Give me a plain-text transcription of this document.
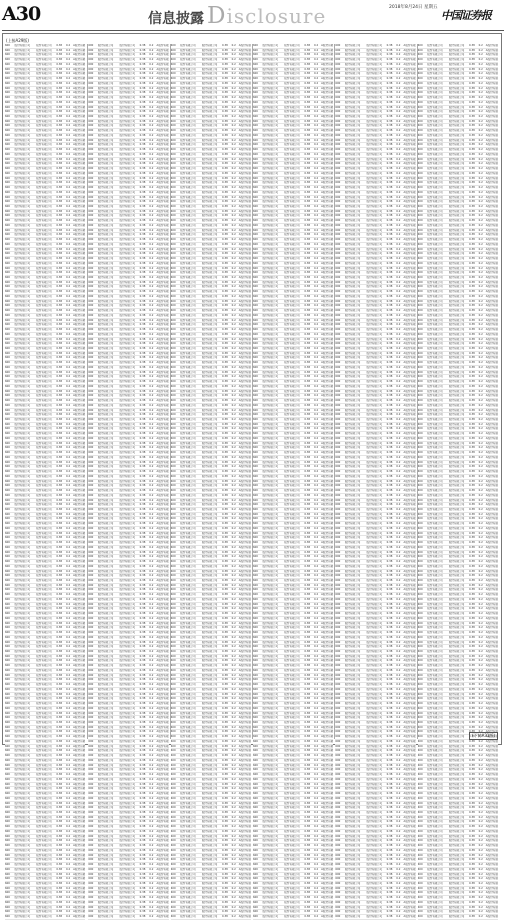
A30	信息披露 Disclosure	2018年8月24日 星期五
中国证券报
(上接A29版)
600	股份有限公司	股份有限公司	0.38	0.2	A股份有限
600	股份有限公司	股份有限公司	0.38	0.2	A股份有限
600	股份有限公司	股份有限公司	0.38	0.2	A股份有限
600	股份有限公司	股份有限公司	0.38	0.2	A股份有限
600	股份有限公司	股份有限公司	0.38	0.2	A股份有限
600	股份有限公司	股份有限公司	0.38	0.2	A股份有限
600	股份有限公司	股份有限公司	0.38	0.2	A股份有限
600	股份有限公司	股份有限公司	0.38	0.2	A股份有限
600	股份有限公司	股份有限公司	0.38	0.2	A股份有限
600	股份有限公司	股份有限公司	0.38	0.2	A股份有限
600	股份有限公司	股份有限公司	0.38	0.2	A股份有限
600	股份有限公司	股份有限公司	0.38	0.2	A股份有限
600	股份有限公司	股份有限公司	0.38	0.2	A股份有限
600	股份有限公司	股份有限公司	0.38	0.2	A股份有限
600	股份有限公司	股份有限公司	0.38	0.2	A股份有限
600	股份有限公司	股份有限公司	0.38	0.2	A股份有限
600	股份有限公司	股份有限公司	0.38	0.2	A股份有限
600	股份有限公司	股份有限公司	0.38	0.2	A股份有限
600	股份有限公司	股份有限公司	0.38	0.2	A股份有限
600	股份有限公司	股份有限公司	0.38	0.2	A股份有限
600	股份有限公司	股份有限公司	0.38	0.2	A股份有限
600	股份有限公司	股份有限公司	0.38	0.2	A股份有限
600	股份有限公司	股份有限公司	0.38	0.2	A股份有限
600	股份有限公司	股份有限公司	0.38	0.2	A股份有限
600	股份有限公司	股份有限公司	0.38	0.2	A股份有限
600	股份有限公司	股份有限公司	0.38	0.2	A股份有限
600	股份有限公司	股份有限公司	0.38	0.2	A股份有限
600	股份有限公司	股份有限公司	0.38	0.2	A股份有限
600	股份有限公司	股份有限公司	0.38	0.2	A股份有限
600	股份有限公司	股份有限公司	0.38	0.2	A股份有限
600	股份有限公司	股份有限公司	0.38	0.2	A股份有限
600	股份有限公司	股份有限公司	0.38	0.2	A股份有限
600	股份有限公司	股份有限公司	0.38	0.2	A股份有限
600	股份有限公司	股份有限公司	0.38	0.2	A股份有限
600	股份有限公司	股份有限公司	0.38	0.2	A股份有限
600	股份有限公司	股份有限公司	0.38	0.2	A股份有限
600	股份有限公司	股份有限公司	0.38	0.2	A股份有限
600	股份有限公司	股份有限公司	0.38	0.2	A股份有限
600	股份有限公司	股份有限公司	0.38	0.2	A股份有限
600	股份有限公司	股份有限公司	0.38	0.2	A股份有限
600	股份有限公司	股份有限公司	0.38	0.2	A股份有限
600	股份有限公司	股份有限公司	0.38	0.2	A股份有限
600	股份有限公司	股份有限公司	0.38	0.2	A股份有限
600	股份有限公司	股份有限公司	0.38	0.2	A股份有限
600	股份有限公司	股份有限公司	0.38	0.2	A股份有限
600	股份有限公司	股份有限公司	0.38	0.2	A股份有限
600	股份有限公司	股份有限公司	0.38	0.2	A股份有限
600	股份有限公司	股份有限公司	0.38	0.2	A股份有限
600	股份有限公司	股份有限公司	0.38	0.2	A股份有限
600	股份有限公司	股份有限公司	0.38	0.2	A股份有限
600	股份有限公司	股份有限公司	0.38	0.2	A股份有限
600	股份有限公司	股份有限公司	0.38	0.2	A股份有限
600	股份有限公司	股份有限公司	0.38	0.2	A股份有限
600	股份有限公司	股份有限公司	0.38	0.2	A股份有限
600	股份有限公司	股份有限公司	0.38	0.2	A股份有限
600	股份有限公司	股份有限公司	0.38	0.2	A股份有限
600	股份有限公司	股份有限公司	0.38	0.2	A股份有限
600	股份有限公司	股份有限公司	0.38	0.2	A股份有限
600	股份有限公司	股份有限公司	0.38	0.2	A股份有限
600	股份有限公司	股份有限公司	0.38	0.2	A股份有限
600	股份有限公司	股份有限公司	0.38	0.2	A股份有限
600	股份有限公司	股份有限公司	0.38	0.2	A股份有限
600	股份有限公司	股份有限公司	0.38	0.2	A股份有限
600	股份有限公司	股份有限公司	0.38	0.2	A股份有限
600	股份有限公司	股份有限公司	0.38	0.2	A股份有限
600	股份有限公司	股份有限公司	0.38	0.2	A股份有限
600	股份有限公司	股份有限公司	0.38	0.2	A股份有限
600	股份有限公司	股份有限公司	0.38	0.2	A股份有限
600	股份有限公司	股份有限公司	0.38	0.2	A股份有限
600	股份有限公司	股份有限公司	0.38	0.2	A股份有限
600	股份有限公司	股份有限公司	0.38	0.2	A股份有限
600	股份有限公司	股份有限公司	0.38	0.2	A股份有限
600	股份有限公司	股份有限公司	0.38	0.2	A股份有限
600	股份有限公司	股份有限公司	0.38	0.2	A股份有限
600	股份有限公司	股份有限公司	0.38	0.2	A股份有限
600	股份有限公司	股份有限公司	0.38	0.2	A股份有限
600	股份有限公司	股份有限公司	0.38	0.2	A股份有限
600	股份有限公司	股份有限公司	0.38	0.2	A股份有限
600	股份有限公司	股份有限公司	0.38	0.2	A股份有限
600	股份有限公司	股份有限公司	0.38	0.2	A股份有限
600	股份有限公司	股份有限公司	0.38	0.2	A股份有限
600	股份有限公司	股份有限公司	0.38	0.2	A股份有限
600	股份有限公司	股份有限公司	0.38	0.2	A股份有限
600	股份有限公司	股份有限公司	0.38	0.2	A股份有限
600	股份有限公司	股份有限公司	0.38	0.2	A股份有限
600	股份有限公司	股份有限公司	0.38	0.2	A股份有限
600	股份有限公司	股份有限公司	0.38	0.2	A股份有限
600	股份有限公司	股份有限公司	0.38	0.2	A股份有限
600	股份有限公司	股份有限公司	0.38	0.2	A股份有限
600	股份有限公司	股份有限公司	0.38	0.2	A股份有限
600	股份有限公司	股份有限公司	0.38	0.2	A股份有限
600	股份有限公司	股份有限公司	0.38	0.2	A股份有限
600	股份有限公司	股份有限公司	0.38	0.2	A股份有限
600	股份有限公司	股份有限公司	0.38	0.2	A股份有限
600	股份有限公司	股份有限公司	0.38	0.2	A股份有限
600	股份有限公司	股份有限公司	0.38	0.2	A股份有限
600	股份有限公司	股份有限公司	0.38	0.2	A股份有限
600	股份有限公司	股份有限公司	0.38	0.2	A股份有限
600	股份有限公司	股份有限公司	0.38	0.2	A股份有限
600	股份有限公司	股份有限公司	0.38	0.2	A股份有限
600	股份有限公司	股份有限公司	0.38	0.2	A股份有限
600	股份有限公司	股份有限公司	0.38	0.2	A股份有限
600	股份有限公司	股份有限公司	0.38	0.2	A股份有限
600	股份有限公司	股份有限公司	0.38	0.2	A股份有限
600	股份有限公司	股份有限公司	0.38	0.2	A股份有限
600	股份有限公司	股份有限公司	0.38	0.2	A股份有限
600	股份有限公司	股份有限公司	0.38	0.2	A股份有限
600	股份有限公司	股份有限公司	0.38	0.2	A股份有限
600	股份有限公司	股份有限公司	0.38	0.2	A股份有限
600	股份有限公司	股份有限公司	0.38	0.2	A股份有限
600	股份有限公司	股份有限公司	0.38	0.2	A股份有限
600	股份有限公司	股份有限公司	0.38	0.2	A股份有限
600	股份有限公司	股份有限公司	0.38	0.2	A股份有限
600	股份有限公司	股份有限公司	0.38	0.2	A股份有限
600	股份有限公司	股份有限公司	0.38	0.2	A股份有限
600	股份有限公司	股份有限公司	0.38	0.2	A股份有限
600	股份有限公司	股份有限公司	0.38	0.2	A股份有限
600	股份有限公司	股份有限公司	0.38	0.2	A股份有限
600	股份有限公司	股份有限公司	0.38	0.2	A股份有限
600	股份有限公司	股份有限公司	0.38	0.2	A股份有限
600	股份有限公司	股份有限公司	0.38	0.2	A股份有限
600	股份有限公司	股份有限公司	0.38	0.2	A股份有限
600	股份有限公司	股份有限公司	0.38	0.2	A股份有限
600	股份有限公司	股份有限公司	0.38	0.2	A股份有限
600	股份有限公司	股份有限公司	0.38	0.2	A股份有限
600	股份有限公司	股份有限公司	0.38	0.2	A股份有限
600	股份有限公司	股份有限公司	0.38	0.2	A股份有限
600	股份有限公司	股份有限公司	0.38	0.2	A股份有限
600	股份有限公司	股份有限公司	0.38	0.2	A股份有限
600	股份有限公司	股份有限公司	0.38	0.2	A股份有限
600	股份有限公司	股份有限公司	0.38	0.2	A股份有限
600	股份有限公司	股份有限公司	0.38	0.2	A股份有限
600	股份有限公司	股份有限公司	0.38	0.2	A股份有限
600	股份有限公司	股份有限公司	0.38	0.2	A股份有限
600	股份有限公司	股份有限公司	0.38	0.2	A股份有限
600	股份有限公司	股份有限公司	0.38	0.2	A股份有限
600	股份有限公司	股份有限公司	0.38	0.2	A股份有限
600	股份有限公司	股份有限公司	0.38	0.2	A股份有限
600	股份有限公司	股份有限公司	0.38	0.2	A股份有限
600	股份有限公司	股份有限公司	0.38	0.2	A股份有限
600	股份有限公司	股份有限公司	0.38	0.2	A股份有限
600	股份有限公司	股份有限公司	0.38	0.2	A股份有限
600	股份有限公司	股份有限公司	0.38	0.2	A股份有限
600	股份有限公司	股份有限公司	0.38	0.2	A股份有限
600	股份有限公司	股份有限公司	0.38	0.2	A股份有限
600	股份有限公司	股份有限公司	0.38	0.2	A股份有限
600	股份有限公司	股份有限公司	0.38	0.2	A股份有限
600	股份有限公司	股份有限公司	0.38	0.2	A股份有限
600	股份有限公司	股份有限公司	0.38	0.2	A股份有限
600	股份有限公司	股份有限公司	0.38	0.2	A股份有限
600	股份有限公司	股份有限公司	0.38	0.2	A股份有限
600	股份有限公司	股份有限公司	0.38	0.2	A股份有限
600	股份有限公司	股份有限公司	0.38	0.2	A股份有限
600	股份有限公司	股份有限公司	0.38	0.2	A股份有限
600	股份有限公司	股份有限公司	0.38	0.2	A股份有限
600	股份有限公司	股份有限公司	0.38	0.2	A股份有限
600	股份有限公司	股份有限公司	0.38	0.2	A股份有限
600	股份有限公司	股份有限公司	0.38	0.2	A股份有限
600	股份有限公司	股份有限公司	0.38	0.2	A股份有限
600	股份有限公司	股份有限公司	0.38	0.2	A股份有限
600	股份有限公司	股份有限公司	0.38	0.2	A股份有限
600	股份有限公司	股份有限公司	0.38	0.2	A股份有限
600	股份有限公司	股份有限公司	0.38	0.2	A股份有限
600	股份有限公司	股份有限公司	0.38	0.2	A股份有限
600	股份有限公司	股份有限公司	0.38	0.2	A股份有限
600	股份有限公司	股份有限公司	0.38	0.2	A股份有限
600	股份有限公司	股份有限公司	0.38	0.2	A股份有限
600	股份有限公司	股份有限公司	0.38	0.2	A股份有限
600	股份有限公司	股份有限公司	0.38	0.2	A股份有限
600	股份有限公司	股份有限公司	0.38	0.2	A股份有限
600	股份有限公司	股份有限公司	0.38	0.2	A股份有限
600	股份有限公司	股份有限公司	0.38	0.2	A股份有限
600	股份有限公司	股份有限公司	0.38	0.2	A股份有限
600	股份有限公司	股份有限公司	0.38	0.2	A股份有限
600	股份有限公司	股份有限公司	0.38	0.2	A股份有限
600	股份有限公司	股份有限公司	0.38	0.2	A股份有限
600	股份有限公司	股份有限公司	0.38	0.2	A股份有限
600	股份有限公司	股份有限公司	0.38	0.2	A股份有限
600	股份有限公司	股份有限公司	0.38	0.2	A股份有限
600	股份有限公司	股份有限公司	0.38	0.2	A股份有限
600	股份有限公司	股份有限公司	0.38	0.2	A股份有限
600	股份有限公司	股份有限公司	0.38	0.2	A股份有限
600	股份有限公司	股份有限公司	0.38	0.2	A股份有限
600	股份有限公司	股份有限公司	0.38	0.2	A股份有限
600	股份有限公司	股份有限公司	0.38	0.2	A股份有限
600	股份有限公司	股份有限公司	0.38	0.2	A股份有限
600	股份有限公司	股份有限公司	0.38	0.2	A股份有限
600	股份有限公司	股份有限公司	0.38	0.2	A股份有限
600	股份有限公司	股份有限公司	0.38	0.2	A股份有限
600	股份有限公司	股份有限公司	0.38	0.2	A股份有限
600	股份有限公司	股份有限公司	0.38	0.2	A股份有限
600	股份有限公司	股份有限公司	0.38	0.2	A股份有限
600	股份有限公司	股份有限公司	0.38	0.2	A股份有限
600	股份有限公司	股份有限公司	0.38	0.2	A股份有限
600	股份有限公司	股份有限公司	0.38	0.2	A股份有限
600	股份有限公司	股份有限公司	0.38	0.2	A股份有限
600	股份有限公司	股份有限公司	0.38	0.2	A股份有限
600	股份有限公司	股份有限公司	0.38	0.2	A股份有限
600	股份有限公司	股份有限公司	0.38	0.2	A股份有限
600	股份有限公司	股份有限公司	0.38	0.2	A股份有限
600	股份有限公司	股份有限公司	0.38	0.2	A股份有限
600	股份有限公司	股份有限公司	0.38	0.2	A股份有限
600	股份有限公司	股份有限公司	0.38	0.2	A股份有限
600	股份有限公司	股份有限公司	0.38	0.2	A股份有限
600	股份有限公司	股份有限公司	0.38	0.2	A股份有限
600	股份有限公司	股份有限公司	0.38	0.2	A股份有限
600	股份有限公司	股份有限公司	0.38	0.2	A股份有限
600	股份有限公司	股份有限公司	0.38	0.2	A股份有限
600	股份有限公司	股份有限公司	0.38	0.2	A股份有限
600	股份有限公司	股份有限公司	0.38	0.2	A股份有限
600	股份有限公司	股份有限公司	0.38	0.2	A股份有限
600	股份有限公司	股份有限公司	0.38	0.2	A股份有限
600	股份有限公司	股份有限公司	0.38	0.2	A股份有限
600	股份有限公司	股份有限公司	0.38	0.2	A股份有限
600	股份有限公司	股份有限公司	0.38	0.2	A股份有限
600	股份有限公司	股份有限公司	0.38	0.2	A股份有限
600	股份有限公司	股份有限公司	0.38	0.2	A股份有限
600	股份有限公司	股份有限公司	0.38	0.2	A股份有限
600	股份有限公司	股份有限公司	0.38	0.2	A股份有限
600	股份有限公司	股份有限公司	0.38	0.2	A股份有限
600	股份有限公司	股份有限公司	0.38	0.2	A股份有限
600	股份有限公司	股份有限公司	0.38	0.2	A股份有限
600	股份有限公司	股份有限公司	0.38	0.2	A股份有限
600	股份有限公司	股份有限公司	0.38	0.2	A股份有限
600	股份有限公司	股份有限公司	0.38	0.2	A股份有限
600	股份有限公司	股份有限公司	0.38	0.2	A股份有限
600	股份有限公司	股份有限公司	0.38	0.2	A股份有限
600	股份有限公司	股份有限公司	0.38	0.2	A股份有限
600	股份有限公司	股份有限公司	0.38	0.2	A股份有限
600	股份有限公司	股份有限公司	0.38	0.2	A股份有限
600	股份有限公司	股份有限公司	0.38	0.2	A股份有限
600	股份有限公司	股份有限公司	0.38	0.2	A股份有限
600	股份有限公司	股份有限公司	0.38	0.2	A股份有限
600	股份有限公司	股份有限公司	0.38	0.2	A股份有限
600	股份有限公司	股份有限公司	0.38	0.2	A股份有限
600	股份有限公司	股份有限公司	0.38	0.2	A股份有限
600	股份有限公司	股份有限公司	0.38	0.2	A股份有限
600	股份有限公司	股份有限公司	0.38	0.2	A股份有限
600	股份有限公司	股份有限公司	0.38	0.2	A股份有限
600	股份有限公司	股份有限公司	0.38	0.2	A股份有限
600	股份有限公司	股份有限公司	0.38	0.2	A股份有限
600	股份有限公司	股份有限公司	0.38	0.2	A股份有限
600	股份有限公司	股份有限公司	0.38	0.2	A股份有限
600	股份有限公司	股份有限公司	0.38	0.2	A股份有限
600	股份有限公司	股份有限公司	0.38	0.2	A股份有限
600	股份有限公司	股份有限公司	0.38	0.2	A股份有限
600	股份有限公司	股份有限公司	0.38	0.2	A股份有限
600	股份有限公司	股份有限公司	0.38	0.2	A股份有限
600	股份有限公司	股份有限公司	0.38	0.2	A股份有限
600	股份有限公司	股份有限公司	0.38	0.2	A股份有限
600	股份有限公司	股份有限公司	0.38	0.2	A股份有限
600	股份有限公司	股份有限公司	0.38	0.2	A股份有限
600	股份有限公司	股份有限公司	0.38	0.2	A股份有限
600	股份有限公司	股份有限公司	0.38	0.2	A股份有限
600	股份有限公司	股份有限公司	0.38	0.2	A股份有限
600	股份有限公司	股份有限公司	0.38	0.2	A股份有限
600	股份有限公司	股份有限公司	0.38	0.2	A股份有限
600	股份有限公司	股份有限公司	0.38	0.2	A股份有限
600	股份有限公司	股份有限公司	0.38	0.2	A股份有限
600	股份有限公司	股份有限公司	0.38	0.2	A股份有限
600	股份有限公司	股份有限公司	0.38	0.2	A股份有限
600	股份有限公司	股份有限公司	0.38	0.2	A股份有限
600	股份有限公司	股份有限公司	0.38	0.2	A股份有限
600	股份有限公司	股份有限公司	0.38	0.2	A股份有限
600	股份有限公司	股份有限公司	0.38	0.2	A股份有限
600	股份有限公司	股份有限公司	0.38	0.2	A股份有限
600	股份有限公司	股份有限公司	0.38	0.2	A股份有限
600	股份有限公司	股份有限公司	0.38	0.2	A股份有限
600	股份有限公司	股份有限公司	0.38	0.2	A股份有限
600	股份有限公司	股份有限公司	0.38	0.2	A股份有限
600	股份有限公司	股份有限公司	0.38	0.2	A股份有限
600	股份有限公司	股份有限公司	0.38	0.2	A股份有限
600	股份有限公司	股份有限公司	0.38	0.2	A股份有限
600	股份有限公司	股份有限公司	0.38	0.2	A股份有限
600	股份有限公司	股份有限公司	0.38	0.2	A股份有限
600	股份有限公司	股份有限公司	0.38	0.2	A股份有限
600	股份有限公司	股份有限公司	0.38	0.2	A股份有限
600	股份有限公司	股份有限公司	0.38	0.2	A股份有限
600	股份有限公司	股份有限公司	0.38	0.2	A股份有限
600	股份有限公司	股份有限公司	0.38	0.2	A股份有限
600	股份有限公司	股份有限公司	0.38	0.2	A股份有限
600	股份有限公司	股份有限公司	0.38	0.2	A股份有限
600	股份有限公司	股份有限公司	0.38	0.2	A股份有限
600	股份有限公司	股份有限公司	0.38	0.2	A股份有限
600	股份有限公司	股份有限公司	0.38	0.2	A股份有限
600	股份有限公司	股份有限公司	0.38	0.2	A股份有限
600	股份有限公司	股份有限公司	0.38	0.2	A股份有限
600	股份有限公司	股份有限公司	0.38	0.2	A股份有限
600	股份有限公司	股份有限公司	0.38	0.2	A股份有限
600	股份有限公司	股份有限公司	0.38	0.2	A股份有限
600	股份有限公司	股份有限公司	0.38	0.2	A股份有限
600	股份有限公司	股份有限公司	0.38	0.2	A股份有限
600	股份有限公司	股份有限公司	0.38	0.2	A股份有限
600	股份有限公司	股份有限公司	0.38	0.2	A股份有限
600	股份有限公司	股份有限公司	0.38	0.2	A股份有限
600	股份有限公司	股份有限公司	0.38	0.2	A股份有限
600	股份有限公司	股份有限公司	0.38	0.2	A股份有限
600	股份有限公司	股份有限公司	0.38	0.2	A股份有限
600	股份有限公司	股份有限公司	0.38	0.2	A股份有限
600	股份有限公司	股份有限公司	0.38	0.2	A股份有限
600	股份有限公司	股份有限公司	0.38	0.2	A股份有限
600	股份有限公司	股份有限公司	0.38	0.2	A股份有限
600	股份有限公司	股份有限公司	0.38	0.2	A股份有限
600	股份有限公司	股份有限公司	0.38	0.2	A股份有限
600	股份有限公司	股份有限公司	0.38	0.2	A股份有限
600	股份有限公司	股份有限公司	0.38	0.2	A股份有限
600	股份有限公司	股份有限公司	0.38	0.2	A股份有限
600	股份有限公司	股份有限公司	0.38	0.2	A股份有限
600	股份有限公司	股份有限公司	0.38	0.2	A股份有限
600	股份有限公司	股份有限公司	0.38	0.2	A股份有限
600	股份有限公司	股份有限公司	0.38	0.2	A股份有限
600	股份有限公司	股份有限公司	0.38	0.2	A股份有限
600	股份有限公司	股份有限公司	0.38	0.2	A股份有限
600	股份有限公司	股份有限公司	0.38	0.2	A股份有限
600	股份有限公司	股份有限公司	0.38	0.2	A股份有限
600	股份有限公司	股份有限公司	0.38	0.2	A股份有限
600	股份有限公司	股份有限公司	0.38	0.2	A股份有限
600	股份有限公司	股份有限公司	0.38	0.2	A股份有限
600	股份有限公司	股份有限公司	0.38	0.2	A股份有限
600	股份有限公司	股份有限公司	0.38	0.2	A股份有限
600	股份有限公司	股份有限公司	0.38	0.2	A股份有限
600	股份有限公司	股份有限公司	0.38	0.2	A股份有限
600	股份有限公司	股份有限公司	0.38	0.2	A股份有限
600	股份有限公司	股份有限公司	0.38	0.2	A股份有限
600	股份有限公司	股份有限公司	0.38	0.2	A股份有限
600	股份有限公司	股份有限公司	0.38	0.2	A股份有限
600	股份有限公司	股份有限公司	0.38	0.2	A股份有限
600	股份有限公司	股份有限公司	0.38	0.2	A股份有限
600	股份有限公司	股份有限公司	0.38	0.2	A股份有限
600	股份有限公司	股份有限公司	0.38	0.2	A股份有限
600	股份有限公司	股份有限公司	0.38	0.2	A股份有限
600	股份有限公司	股份有限公司	0.38	0.2	A股份有限
600	股份有限公司	股份有限公司	0.38	0.2	A股份有限
600	股份有限公司	股份有限公司	0.38	0.2	A股份有限
600	股份有限公司	股份有限公司	0.38	0.2	A股份有限
600	股份有限公司	股份有限公司	0.38	0.2	A股份有限
600	股份有限公司	股份有限公司	0.38	0.2	A股份有限
600	股份有限公司	股份有限公司	0.38	0.2	A股份有限
600	股份有限公司	股份有限公司	0.38	0.2	A股份有限
600	股份有限公司	股份有限公司	0.38	0.2	A股份有限
600	股份有限公司	股份有限公司	0.38	0.2	A股份有限
600	股份有限公司	股份有限公司	0.38	0.2	A股份有限
600	股份有限公司	股份有限公司	0.38	0.2	A股份有限
600	股份有限公司	股份有限公司	0.38	0.2	A股份有限
600	股份有限公司	股份有限公司	0.38	0.2	A股份有限
600	股份有限公司	股份有限公司	0.38	0.2	A股份有限
600	股份有限公司	股份有限公司	0.38	0.2	A股份有限
600	股份有限公司	股份有限公司	0.38	0.2	A股份有限
600	股份有限公司	股份有限公司	0.38	0.2	A股份有限
600	股份有限公司	股份有限公司	0.38	0.2	A股份有限
600	股份有限公司	股份有限公司	0.38	0.2	A股份有限
600	股份有限公司	股份有限公司	0.38	0.2	A股份有限
600	股份有限公司	股份有限公司	0.38	0.2	A股份有限
600	股份有限公司	股份有限公司	0.38	0.2	A股份有限
600	股份有限公司	股份有限公司	0.38	0.2	A股份有限
600	股份有限公司	股份有限公司	0.38	0.2	A股份有限
600	股份有限公司	股份有限公司	0.38	0.2	A股份有限
600	股份有限公司	股份有限公司	0.38	0.2	A股份有限
600	股份有限公司	股份有限公司	0.38	0.2	A股份有限
600	股份有限公司	股份有限公司	0.38	0.2	A股份有限
600	股份有限公司	股份有限公司	0.38	0.2	A股份有限
600	股份有限公司	股份有限公司	0.38	0.2	A股份有限
600	股份有限公司	股份有限公司	0.38	0.2	A股份有限
600	股份有限公司	股份有限公司	0.38	0.2	A股份有限
600	股份有限公司	股份有限公司	0.38	0.2	A股份有限
600	股份有限公司	股份有限公司	0.38	0.2	A股份有限
600	股份有限公司	股份有限公司	0.38	0.2	A股份有限
600	股份有限公司	股份有限公司	0.38	0.2	A股份有限
600	股份有限公司	股份有限公司	0.38	0.2	A股份有限
600	股份有限公司	股份有限公司	0.38	0.2	A股份有限
600	股份有限公司	股份有限公司	0.38	0.2	A股份有限
600	股份有限公司	股份有限公司	0.38	0.2	A股份有限
600	股份有限公司	股份有限公司	0.38	0.2	A股份有限
600	股份有限公司	股份有限公司	0.38	0.2	A股份有限
600	股份有限公司	股份有限公司	0.38	0.2	A股份有限
600	股份有限公司	股份有限公司	0.38	0.2	A股份有限
600	股份有限公司	股份有限公司	0.38	0.2	A股份有限
600	股份有限公司	股份有限公司	0.38	0.2	A股份有限
600	股份有限公司	股份有限公司	0.38	0.2	A股份有限
600	股份有限公司	股份有限公司	0.38	0.2	A股份有限
600	股份有限公司	股份有限公司	0.38	0.2	A股份有限
600	股份有限公司	股份有限公司	0.38	0.2	A股份有限
600	股份有限公司	股份有限公司	0.38	0.2	A股份有限
600	股份有限公司	股份有限公司	0.38	0.2	A股份有限
600	股份有限公司	股份有限公司	0.38	0.2	A股份有限
600	股份有限公司	股份有限公司	0.38	0.2	A股份有限
600	股份有限公司	股份有限公司	0.38	0.2	A股份有限
600	股份有限公司	股份有限公司	0.38	0.2	A股份有限
600	股份有限公司	股份有限公司	0.38	0.2	A股份有限
600	股份有限公司	股份有限公司	0.38	0.2	A股份有限
600	股份有限公司	股份有限公司	0.38	0.2	A股份有限
600	股份有限公司	股份有限公司	0.38	0.2	A股份有限
600	股份有限公司	股份有限公司	0.38	0.2	A股份有限
600	股份有限公司	股份有限公司	0.38	0.2	A股份有限
600	股份有限公司	股份有限公司	0.38	0.2	A股份有限
600	股份有限公司	股份有限公司	0.38	0.2	A股份有限
600	股份有限公司	股份有限公司	0.38	0.2	A股份有限
600	股份有限公司	股份有限公司	0.38	0.2	A股份有限
600	股份有限公司	股份有限公司	0.38	0.2	A股份有限
600	股份有限公司	股份有限公司	0.38	0.2	A股份有限
600	股份有限公司	股份有限公司	0.38	0.2	A股份有限
600	股份有限公司	股份有限公司	0.38	0.2	A股份有限
600	股份有限公司	股份有限公司	0.38	0.2	A股份有限
600	股份有限公司	股份有限公司	0.38	0.2	A股份有限
600	股份有限公司	股份有限公司	0.38	0.2	A股份有限
600	股份有限公司	股份有限公司	0.38	0.2	A股份有限
600	股份有限公司	股份有限公司	0.38	0.2	A股份有限
600	股份有限公司	股份有限公司	0.38	0.2	A股份有限
600	股份有限公司	股份有限公司	0.38	0.2	A股份有限
600	股份有限公司	股份有限公司	0.38	0.2	A股份有限
600	股份有限公司	股份有限公司	0.38	0.2	A股份有限
600	股份有限公司	股份有限公司	0.38	0.2	A股份有限
600	股份有限公司	股份有限公司	0.38	0.2	A股份有限
600	股份有限公司	股份有限公司	0.38	0.2	A股份有限
600	股份有限公司	股份有限公司	0.38	0.2	A股份有限
600	股份有限公司	股份有限公司	0.38	0.2	A股份有限
600	股份有限公司	股份有限公司	0.38	0.2	A股份有限
600	股份有限公司	股份有限公司	0.38	0.2	A股份有限
600	股份有限公司	股份有限公司	0.38	0.2	A股份有限
600	股份有限公司	股份有限公司	0.38	0.2	A股份有限
600	股份有限公司	股份有限公司	0.38	0.2	A股份有限
600	股份有限公司	股份有限公司	0.38	0.2	A股份有限
600	股份有限公司	股份有限公司	0.38	0.2	A股份有限
600	股份有限公司	股份有限公司	0.38	0.2	A股份有限
600	股份有限公司	股份有限公司	0.38	0.2	A股份有限
600	股份有限公司	股份有限公司	0.38	0.2	A股份有限
600	股份有限公司	股份有限公司	0.38	0.2	A股份有限
600	股份有限公司	股份有限公司	0.38	0.2	A股份有限
600	股份有限公司	股份有限公司	0.38	0.2	A股份有限
600	股份有限公司	股份有限公司	0.38	0.2	A股份有限
600	股份有限公司	股份有限公司	0.38	0.2	A股份有限
600	股份有限公司	股份有限公司	0.38	0.2	A股份有限
600	股份有限公司	股份有限公司	0.38	0.2	A股份有限
600	股份有限公司	股份有限公司	0.38	0.2	A股份有限
600	股份有限公司	股份有限公司	0.38	0.2	A股份有限
600	股份有限公司	股份有限公司	0.38	0.2	A股份有限
600	股份有限公司	股份有限公司	0.38	0.2	A股份有限
600	股份有限公司	股份有限公司	0.38	0.2	A股份有限
600	股份有限公司	股份有限公司	0.38	0.2	A股份有限
600	股份有限公司	股份有限公司	0.38	0.2	A股份有限
600	股份有限公司	股份有限公司	0.38	0.2	A股份有限
600	股份有限公司	股份有限公司	0.38	0.2	A股份有限
600	股份有限公司	股份有限公司	0.38	0.2	A股份有限
600	股份有限公司	股份有限公司	0.38	0.2	A股份有限
600	股份有限公司	股份有限公司	0.38	0.2	A股份有限
600	股份有限公司	股份有限公司	0.38	0.2	A股份有限
600	股份有限公司	股份有限公司	0.38	0.2	A股份有限
600	股份有限公司	股份有限公司	0.38	0.2	A股份有限
600	股份有限公司	股份有限公司	0.38	0.2	A股份有限
600	股份有限公司	股份有限公司	0.38	0.2	A股份有限
600	股份有限公司	股份有限公司	0.38	0.2	A股份有限
600	股份有限公司	股份有限公司	0.38	0.2	A股份有限
600	股份有限公司	股份有限公司	0.38	0.2	A股份有限
600	股份有限公司	股份有限公司	0.38	0.2	A股份有限
600	股份有限公司	股份有限公司	0.38	0.2	A股份有限
600	股份有限公司	股份有限公司	0.38	0.2	A股份有限
600	股份有限公司	股份有限公司	0.38	0.2	A股份有限
600	股份有限公司	股份有限公司	0.38	0.2	A股份有限
600	股份有限公司	股份有限公司	0.38	0.2	A股份有限
600	股份有限公司	股份有限公司	0.38	0.2	A股份有限
600	股份有限公司	股份有限公司	0.38	0.2	A股份有限
600	股份有限公司	股份有限公司	0.38	0.2	A股份有限
600	股份有限公司	股份有限公司	0.38	0.2	A股份有限
600	股份有限公司	股份有限公司	0.38	0.2	A股份有限
600	股份有限公司	股份有限公司	0.38	0.2	A股份有限
600	股份有限公司	股份有限公司	0.38	0.2	A股份有限
600	股份有限公司	股份有限公司	0.38	0.2	A股份有限
600	股份有限公司	股份有限公司	0.38	0.2	A股份有限
600	股份有限公司	股份有限公司	0.38	0.2	A股份有限
600	股份有限公司	股份有限公司	0.38	0.2	A股份有限
600	股份有限公司	股份有限公司	0.38	0.2	A股份有限
600	股份有限公司	股份有限公司	0.38	0.2	A股份有限
600	股份有限公司	股份有限公司	0.38	0.2	A股份有限
600	股份有限公司	股份有限公司	0.38	0.2	A股份有限
600	股份有限公司	股份有限公司	0.38	0.2	A股份有限
600	股份有限公司	股份有限公司	0.38	0.2	A股份有限
600	股份有限公司	股份有限公司	0.38	0.2	A股份有限
600	股份有限公司	股份有限公司	0.38	0.2	A股份有限
600	股份有限公司	股份有限公司	0.38	0.2	A股份有限
600	股份有限公司	股份有限公司	0.38	0.2	A股份有限
600	股份有限公司	股份有限公司	0.38	0.2	A股份有限
600	股份有限公司	股份有限公司	0.38	0.2	A股份有限
600	股份有限公司	股份有限公司	0.38	0.2	A股份有限
600	股份有限公司	股份有限公司	0.38	0.2	A股份有限
600	股份有限公司	股份有限公司	0.38	0.2	A股份有限
600	股份有限公司	股份有限公司	0.38	0.2	A股份有限
600	股份有限公司	股份有限公司	0.38	0.2	A股份有限
600	股份有限公司	股份有限公司	0.38	0.2	A股份有限
600	股份有限公司	股份有限公司	0.38	0.2	A股份有限
600	股份有限公司	股份有限公司	0.38	0.2	A股份有限
600	股份有限公司	股份有限公司	0.38	0.2	A股份有限
600	股份有限公司	股份有限公司	0.38	0.2	A股份有限
600	股份有限公司	股份有限公司	0.38	0.2	A股份有限
600	股份有限公司	股份有限公司	0.38	0.2	A股份有限
600	股份有限公司	股份有限公司	0.38	0.2	A股份有限
600	股份有限公司	股份有限公司	0.38	0.2	A股份有限
600	股份有限公司	股份有限公司	0.38	0.2	A股份有限
600	股份有限公司	股份有限公司	0.38	0.2	A股份有限
600	股份有限公司	股份有限公司	0.38	0.2	A股份有限
600	股份有限公司	股份有限公司	0.38	0.2	A股份有限
600	股份有限公司	股份有限公司	0.38	0.2	A股份有限
600	股份有限公司	股份有限公司	0.38	0.2	A股份有限
600	股份有限公司	股份有限公司	0.38	0.2	A股份有限
600	股份有限公司	股份有限公司	0.38	0.2	A股份有限
600	股份有限公司	股份有限公司	0.38	0.2	A股份有限
600	股份有限公司	股份有限公司	0.38	0.2	A股份有限
600	股份有限公司	股份有限公司	0.38	0.2	A股份有限
600	股份有限公司	股份有限公司	0.38	0.2	A股份有限
600	股份有限公司	股份有限公司	0.38	0.2	A股份有限
600	股份有限公司	股份有限公司	0.38	0.2	A股份有限
600	股份有限公司	股份有限公司	0.38	0.2	A股份有限
600	股份有限公司	股份有限公司	0.38	0.2	A股份有限
600	股份有限公司	股份有限公司	0.38	0.2	A股份有限
600	股份有限公司	股份有限公司	0.38	0.2	A股份有限
600	股份有限公司	股份有限公司	0.38	0.2	A股份有限
600	股份有限公司	股份有限公司	0.38	0.2	A股份有限
600	股份有限公司	股份有限公司	0.38	0.2	A股份有限
600	股份有限公司	股份有限公司	0.38	0.2	A股份有限
600	股份有限公司	股份有限公司	0.38	0.2	A股份有限
600	股份有限公司	股份有限公司	0.38	0.2	A股份有限
600	股份有限公司	股份有限公司	0.38	0.2	A股份有限
600	股份有限公司	股份有限公司	0.38	0.2	A股份有限
600	股份有限公司	股份有限公司	0.38	0.2	A股份有限
600	股份有限公司	股份有限公司	0.38	0.2	A股份有限
600	股份有限公司	股份有限公司	0.38	0.2	A股份有限
600	股份有限公司	股份有限公司	0.38	0.2	A股份有限
600	股份有限公司	股份有限公司	0.38	0.2	A股份有限
600	股份有限公司	股份有限公司	0.38	0.2	A股份有限
600	股份有限公司	股份有限公司	0.38	0.2	A股份有限
600	股份有限公司	股份有限公司	0.38	0.2	A股份有限
600	股份有限公司	股份有限公司	0.38	0.2	A股份有限
600	股份有限公司	股份有限公司	0.38	0.2	A股份有限
600	股份有限公司	股份有限公司	0.38	0.2	A股份有限
600	股份有限公司	股份有限公司	0.38	0.2	A股份有限
600	股份有限公司	股份有限公司	0.38	0.2	A股份有限
600	股份有限公司	股份有限公司	0.38	0.2	A股份有限
600	股份有限公司	股份有限公司	0.38	0.2	A股份有限
600	股份有限公司	股份有限公司	0.38	0.2	A股份有限
600	股份有限公司	股份有限公司	0.38	0.2	A股份有限
600	股份有限公司	股份有限公司	0.38	0.2	A股份有限
600	股份有限公司	股份有限公司	0.38	0.2	A股份有限
600	股份有限公司	股份有限公司	0.38	0.2	A股份有限
600	股份有限公司	股份有限公司	0.38	0.2	A股份有限
600	股份有限公司	股份有限公司	0.38	0.2	A股份有限
600	股份有限公司	股份有限公司	0.38	0.2	A股份有限
600	股份有限公司	股份有限公司	0.38	0.2	A股份有限
600	股份有限公司	股份有限公司	0.38	0.2	A股份有限
600	股份有限公司	股份有限公司	0.38	0.2	A股份有限
600	股份有限公司	股份有限公司	0.38	0.2	A股份有限
600	股份有限公司	股份有限公司	0.38	0.2	A股份有限
600	股份有限公司	股份有限公司	0.38	0.2	A股份有限
600	股份有限公司	股份有限公司	0.38	0.2	A股份有限
600	股份有限公司	股份有限公司	0.38	0.2	A股份有限
600	股份有限公司	股份有限公司	0.38	0.2	A股份有限
600	股份有限公司	股份有限公司	0.38	0.2	A股份有限
600	股份有限公司	股份有限公司	0.38	0.2	A股份有限
600	股份有限公司	股份有限公司	0.38	0.2	A股份有限
600	股份有限公司	股份有限公司	0.38	0.2	A股份有限
600	股份有限公司	股份有限公司	0.38	0.2	A股份有限
600	股份有限公司	股份有限公司	0.38	0.2	A股份有限
600	股份有限公司	股份有限公司	0.38	0.2	A股份有限
600	股份有限公司	股份有限公司	0.38	0.2	A股份有限
600	股份有限公司	股份有限公司	0.38	0.2	A股份有限
600	股份有限公司	股份有限公司	0.38	0.2	A股份有限
600	股份有限公司	股份有限公司	0.38	0.2	A股份有限
600	股份有限公司	股份有限公司	0.38	0.2	A股份有限
600	股份有限公司	股份有限公司	0.38	0.2	A股份有限
600	股份有限公司	股份有限公司	0.38	0.2	A股份有限
600	股份有限公司	股份有限公司	0.38	0.2	A股份有限
600	股份有限公司	股份有限公司	0.38	0.2	A股份有限
600	股份有限公司	股份有限公司	0.38	0.2	A股份有限
600	股份有限公司	股份有限公司	0.38	0.2	A股份有限
600	股份有限公司	股份有限公司	0.38	0.2	A股份有限
600	股份有限公司	股份有限公司	0.38	0.2	A股份有限
600	股份有限公司	股份有限公司	0.38	0.2	A股份有限
600	股份有限公司	股份有限公司	0.38	0.2	A股份有限
600	股份有限公司	股份有限公司	0.38	0.2	A股份有限
600	股份有限公司	股份有限公司	0.38	0.2	A股份有限
600	股份有限公司	股份有限公司	0.38	0.2	A股份有限
600	股份有限公司	股份有限公司	0.38	0.2	A股份有限
600	股份有限公司	股份有限公司	0.38	0.2	A股份有限
600	股份有限公司	股份有限公司	0.38	0.2	A股份有限
600	股份有限公司	股份有限公司	0.38	0.2	A股份有限
600	股份有限公司	股份有限公司	0.38	0.2	A股份有限
600	股份有限公司	股份有限公司	0.38	0.2	A股份有限
600	股份有限公司	股份有限公司	0.38	0.2	A股份有限
600	股份有限公司	股份有限公司	0.38	0.2	A股份有限
600	股份有限公司	股份有限公司	0.38	0.2	A股份有限
600	股份有限公司	股份有限公司	0.38	0.2	A股份有限
600	股份有限公司	股份有限公司	0.38	0.2	A股份有限
600	股份有限公司	股份有限公司	0.38	0.2	A股份有限
600	股份有限公司	股份有限公司	0.38	0.2	A股份有限
600	股份有限公司	股份有限公司	0.38	0.2	A股份有限
600	股份有限公司	股份有限公司	0.38	0.2	A股份有限
600	股份有限公司	股份有限公司	0.38	0.2	A股份有限
600	股份有限公司	股份有限公司	0.38	0.2	A股份有限
600	股份有限公司	股份有限公司	0.38	0.2	A股份有限
600	股份有限公司	股份有限公司	0.38	0.2	A股份有限
600	股份有限公司	股份有限公司	0.38	0.2	A股份有限
600	股份有限公司	股份有限公司	0.38	0.2	A股份有限
600	股份有限公司	股份有限公司	0.38	0.2	A股份有限
600	股份有限公司	股份有限公司	0.38	0.2	A股份有限
600	股份有限公司	股份有限公司	0.38	0.2	A股份有限
600	股份有限公司	股份有限公司	0.38	0.2	A股份有限
600	股份有限公司	股份有限公司	0.38	0.2	A股份有限
600	股份有限公司	股份有限公司	0.38	0.2	A股份有限
600	股份有限公司	股份有限公司	0.38	0.2	A股份有限
600	股份有限公司	股份有限公司	0.38	0.2	A股份有限
600	股份有限公司	股份有限公司	0.38	0.2	A股份有限
600	股份有限公司	股份有限公司	0.38	0.2	A股份有限
600	股份有限公司	股份有限公司	0.38	0.2	A股份有限
600	股份有限公司	股份有限公司	0.38	0.2	A股份有限
600	股份有限公司	股份有限公司	0.38	0.2	A股份有限
600	股份有限公司	股份有限公司	0.38	0.2	A股份有限
600	股份有限公司	股份有限公司	0.38	0.2	A股份有限
600	股份有限公司	股份有限公司	0.38	0.2	A股份有限
600	股份有限公司	股份有限公司	0.38	0.2	A股份有限
600	股份有限公司	股份有限公司	0.38	0.2	A股份有限
600	股份有限公司	股份有限公司	0.38	0.2	A股份有限
600	股份有限公司	股份有限公司	0.38	0.2	A股份有限
600	股份有限公司	股份有限公司	0.38	0.2	A股份有限
600	股份有限公司	股份有限公司	0.38	0.2	A股份有限
600	股份有限公司	股份有限公司	0.38	0.2	A股份有限
600	股份有限公司	股份有限公司	0.38	0.2	A股份有限
600	股份有限公司	股份有限公司	0.38	0.2	A股份有限
600	股份有限公司	股份有限公司	0.38	0.2	A股份有限
600	股份有限公司	股份有限公司	0.38	0.2	A股份有限
600	股份有限公司	股份有限公司	0.38	0.2	A股份有限
600	股份有限公司	股份有限公司	0.38	0.2	A股份有限
600	股份有限公司	股份有限公司	0.38	0.2	A股份有限
600	股份有限公司	股份有限公司	0.38	0.2	A股份有限
600	股份有限公司	股份有限公司	0.38	0.2	A股份有限
600	股份有限公司	股份有限公司	0.38	0.2	A股份有限
600	股份有限公司	股份有限公司	0.38	0.2	A股份有限
600	股份有限公司	股份有限公司	0.38	0.2	A股份有限
600	股份有限公司	股份有限公司	0.38	0.2	A股份有限
600	股份有限公司	股份有限公司	0.38	0.2	A股份有限
600	股份有限公司	股份有限公司	0.38	0.2	A股份有限
600	股份有限公司	股份有限公司	0.38	0.2	A股份有限
600	股份有限公司	股份有限公司	0.38	0.2	A股份有限
600	股份有限公司	股份有限公司	0.38	0.2	A股份有限
600	股份有限公司	股份有限公司	0.38	0.2	A股份有限
600	股份有限公司	股份有限公司	0.38	0.2	A股份有限
600	股份有限公司	股份有限公司	0.38	0.2	A股份有限
600	股份有限公司	股份有限公司	0.38	0.2	A股份有限
600	股份有限公司	股份有限公司	0.38	0.2	A股份有限
600	股份有限公司	股份有限公司	0.38	0.2	A股份有限
600	股份有限公司	股份有限公司	0.38	0.2	A股份有限
600	股份有限公司	股份有限公司	0.38	0.2	A股份有限
600	股份有限公司	股份有限公司	0.38	0.2	A股份有限
600	股份有限公司	股份有限公司	0.38	0.2	A股份有限
600	股份有限公司	股份有限公司	0.38	0.2	A股份有限
600	股份有限公司	股份有限公司	0.38	0.2	A股份有限
600	股份有限公司	股份有限公司	0.38	0.2	A股份有限
600	股份有限公司	股份有限公司	0.38	0.2	A股份有限
600	股份有限公司	股份有限公司	0.38	0.2	A股份有限
600	股份有限公司	股份有限公司	0.38	0.2	A股份有限
600	股份有限公司	股份有限公司	0.38	0.2	A股份有限
600	股份有限公司	股份有限公司	0.38	0.2	A股份有限
600	股份有限公司	股份有限公司	0.38	0.2	A股份有限
600	股份有限公司	股份有限公司	0.38	0.2	A股份有限
600	股份有限公司	股份有限公司	0.38	0.2	A股份有限
600	股份有限公司	股份有限公司	0.38	0.2	A股份有限
600	股份有限公司	股份有限公司	0.38	0.2	A股份有限
600	股份有限公司	股份有限公司	0.38	0.2	A股份有限
600	股份有限公司	股份有限公司	0.38	0.2	A股份有限
600	股份有限公司	股份有限公司	0.38	0.2	A股份有限
600	股份有限公司	股份有限公司	0.38	0.2	A股份有限
600	股份有限公司	股份有限公司	0.38	0.2	A股份有限
600	股份有限公司	股份有限公司	0.38	0.2	A股份有限
600	股份有限公司	股份有限公司	0.38	0.2	A股份有限
600	股份有限公司	股份有限公司	0.38	0.2	A股份有限
600	股份有限公司	股份有限公司	0.38	0.2	A股份有限
600	股份有限公司	股份有限公司	0.38	0.2	A股份有限
600	股份有限公司	股份有限公司	0.38	0.2	A股份有限
600	股份有限公司	股份有限公司	0.38	0.2	A股份有限
600	股份有限公司	股份有限公司	0.38	0.2	A股份有限
600	股份有限公司	股份有限公司	0.38	0.2	A股份有限
600	股份有限公司	股份有限公司	0.38	0.2	A股份有限
600	股份有限公司	股份有限公司	0.38	0.2	A股份有限
600	股份有限公司	股份有限公司	0.38	0.2	A股份有限
600	股份有限公司	股份有限公司	0.38	0.2	A股份有限
600	股份有限公司	股份有限公司	0.38	0.2	A股份有限
600	股份有限公司	股份有限公司	0.38	0.2	A股份有限
600	股份有限公司	股份有限公司	0.38	0.2	A股份有限
600	股份有限公司	股份有限公司	0.38	0.2	A股份有限
600	股份有限公司	股份有限公司	0.38	0.2	A股份有限
600	股份有限公司	股份有限公司	0.38	0.2	A股份有限
600	股份有限公司	股份有限公司	0.38	0.2	A股份有限
600	股份有限公司	股份有限公司	0.38	0.2	A股份有限
600	股份有限公司	股份有限公司	0.38	0.2	A股份有限
600	股份有限公司	股份有限公司	0.38	0.2	A股份有限
600	股份有限公司	股份有限公司	0.38	0.2	A股份有限
600	股份有限公司	股份有限公司	0.38	0.2	A股份有限
600	股份有限公司	股份有限公司	0.38	0.2	A股份有限
600	股份有限公司	股份有限公司	0.38	0.2	A股份有限
600	股份有限公司	股份有限公司	0.38	0.2	A股份有限
600	股份有限公司	股份有限公司	0.38	0.2	A股份有限
600	股份有限公司	股份有限公司	0.38	0.2	A股份有限
600	股份有限公司	股份有限公司	0.38	0.2	A股份有限
600	股份有限公司	股份有限公司	0.38	0.2	A股份有限
600	股份有限公司	股份有限公司	0.38	0.2	A股份有限
600	股份有限公司	股份有限公司	0.38	0.2	A股份有限
600	股份有限公司	股份有限公司	0.38	0.2	A股份有限
600	股份有限公司	股份有限公司	0.38	0.2	A股份有限
600	股份有限公司	股份有限公司	0.38	0.2	A股份有限
600	股份有限公司	股份有限公司	0.38	0.2	A股份有限
600	股份有限公司	股份有限公司	0.38	0.2	A股份有限
600	股份有限公司	股份有限公司	0.38	0.2	A股份有限
600	股份有限公司	股份有限公司	0.38	0.2	A股份有限
600	股份有限公司	股份有限公司	0.38	0.2	A股份有限
600	股份有限公司	股份有限公司	0.38	0.2	A股份有限
600	股份有限公司	股份有限公司	0.38	0.2	A股份有限
600	股份有限公司	股份有限公司	0.38	0.2	A股份有限
600	股份有限公司	股份有限公司	0.38	0.2	A股份有限
600	股份有限公司	股份有限公司	0.38	0.2	A股份有限
600	股份有限公司	股份有限公司	0.38	0.2	A股份有限
600	股份有限公司	股份有限公司	0.38	0.2	A股份有限
600	股份有限公司	股份有限公司	0.38	0.2	A股份有限
600	股份有限公司	股份有限公司	0.38	0.2	A股份有限
600	股份有限公司	股份有限公司	0.38	0.2	A股份有限
600	股份有限公司	股份有限公司	0.38	0.2	A股份有限
600	股份有限公司	股份有限公司	0.38	0.2	A股份有限
600	股份有限公司	股份有限公司	0.38	0.2	A股份有限
600	股份有限公司	股份有限公司	0.38	0.2	A股份有限
600	股份有限公司	股份有限公司	0.38	0.2	A股份有限
600	股份有限公司	股份有限公司	0.38	0.2	A股份有限
600	股份有限公司	股份有限公司	0.38	0.2	A股份有限
600	股份有限公司	股份有限公司	0.38	0.2	A股份有限
600	股份有限公司	股份有限公司	0.38	0.2	A股份有限
600	股份有限公司	股份有限公司	0.38	0.2	A股份有限
600	股份有限公司	股份有限公司	0.38	0.2	A股份有限
600	股份有限公司	股份有限公司	0.38	0.2	A股份有限
600	股份有限公司	股份有限公司	0.38	0.2	A股份有限
600	股份有限公司	股份有限公司	0.38	0.2	A股份有限
600	股份有限公司	股份有限公司	0.38	0.2	A股份有限
600	股份有限公司	股份有限公司	0.38	0.2	A股份有限
600	股份有限公司	股份有限公司	0.38	0.2	A股份有限
600	股份有限公司	股份有限公司	0.38	0.2	A股份有限
600	股份有限公司	股份有限公司	0.38	0.2	A股份有限
600	股份有限公司	股份有限公司	0.38	0.2	A股份有限
600	股份有限公司	股份有限公司	0.38	0.2	A股份有限
600	股份有限公司	股份有限公司	0.38	0.2	A股份有限
600	股份有限公司	股份有限公司	0.38	0.2	A股份有限
600	股份有限公司	股份有限公司	0.38	0.2	A股份有限
600	股份有限公司	股份有限公司	0.38	0.2	A股份有限
600	股份有限公司	股份有限公司	0.38	0.2	A股份有限
600	股份有限公司	股份有限公司	0.38	0.2	A股份有限
600	股份有限公司	股份有限公司	0.38	0.2	A股份有限
600	股份有限公司	股份有限公司	0.38	0.2	A股份有限
600	股份有限公司	股份有限公司	0.38	0.2	A股份有限
600	股份有限公司	股份有限公司	0.38	0.2	A股份有限
600	股份有限公司	股份有限公司	0.38	0.2	A股份有限
600	股份有限公司	股份有限公司	0.38	0.2	A股份有限
600	股份有限公司	股份有限公司	0.38	0.2	A股份有限
600	股份有限公司	股份有限公司	0.38	0.2	A股份有限
600	股份有限公司	股份有限公司	0.38	0.2	A股份有限
600	股份有限公司	股份有限公司	0.38	0.2	A股份有限
600	股份有限公司	股份有限公司	0.38	0.2	A股份有限
600	股份有限公司	股份有限公司	0.38	0.2	A股份有限
600	股份有限公司	股份有限公司	0.38	0.2	A股份有限
600	股份有限公司	股份有限公司	0.38	0.2	A股份有限
600	股份有限公司	股份有限公司	0.38	0.2	A股份有限
600	股份有限公司	股份有限公司	0.38	0.2	A股份有限
600	股份有限公司	股份有限公司	0.38	0.2	A股份有限
600	股份有限公司	股份有限公司	0.38	0.2	A股份有限
600	股份有限公司	股份有限公司	0.38	0.2	A股份有限
600	股份有限公司	股份有限公司	0.38	0.2	A股份有限
600	股份有限公司	股份有限公司	0.38	0.2	A股份有限
600	股份有限公司	股份有限公司	0.38	0.2	A股份有限
600	股份有限公司	股份有限公司	0.38	0.2	A股份有限
600	股份有限公司	股份有限公司	0.38	0.2	A股份有限
600	股份有限公司	股份有限公司	0.38	0.2	A股份有限
600	股份有限公司	股份有限公司	0.38	0.2	A股份有限
600	股份有限公司	股份有限公司	0.38	0.2	A股份有限
600	股份有限公司	股份有限公司	0.38	0.2	A股份有限
600	股份有限公司	股份有限公司	0.38	0.2	A股份有限
600	股份有限公司	股份有限公司	0.38	0.2	A股份有限
600	股份有限公司	股份有限公司	0.38	0.2	A股份有限
600	股份有限公司	股份有限公司	0.38	0.2	A股份有限
600	股份有限公司	股份有限公司	0.38	0.2	A股份有限
600	股份有限公司	股份有限公司	0.38	0.2	A股份有限
600	股份有限公司	股份有限公司	0.38	0.2	A股份有限
600	股份有限公司	股份有限公司	0.38	0.2	A股份有限
600	股份有限公司	股份有限公司	0.38	0.2	A股份有限
600	股份有限公司	股份有限公司	0.38	0.2	A股份有限
600	股份有限公司	股份有限公司	0.38	0.2	A股份有限
600	股份有限公司	股份有限公司	0.38	0.2	A股份有限
600	股份有限公司	股份有限公司	0.38	0.2	A股份有限
600	股份有限公司	股份有限公司	0.38	0.2	A股份有限
600	股份有限公司	股份有限公司	0.38	0.2	A股份有限
600	股份有限公司	股份有限公司	0.38	0.2	A股份有限
600	股份有限公司	股份有限公司	0.38	0.2	A股份有限
600	股份有限公司	股份有限公司	0.38	0.2	A股份有限
600	股份有限公司	股份有限公司	0.38	0.2	A股份有限
600	股份有限公司	股份有限公司	0.38	0.2	A股份有限
600	股份有限公司	股份有限公司	0.38	0.2	A股份有限
600	股份有限公司	股份有限公司	0.38	0.2	A股份有限
600	股份有限公司	股份有限公司	0.38	0.2	A股份有限
600	股份有限公司	股份有限公司	0.38	0.2	A股份有限
600	股份有限公司	股份有限公司	0.38	0.2	A股份有限
600	股份有限公司	股份有限公司	0.38	0.2	A股份有限
600	股份有限公司	股份有限公司	0.38	0.2	A股份有限
600	股份有限公司	股份有限公司	0.38	0.2	A股份有限
600	股份有限公司	股份有限公司	0.38	0.2	A股份有限
600	股份有限公司	股份有限公司	0.38	0.2	A股份有限
600	股份有限公司	股份有限公司	0.38	0.2	A股份有限
600	股份有限公司	股份有限公司	0.38	0.2	A股份有限
600	股份有限公司	股份有限公司	0.38	0.2	A股份有限
600	股份有限公司	股份有限公司	0.38	0.2	A股份有限
600	股份有限公司	股份有限公司	0.38	0.2	A股份有限
600	股份有限公司	股份有限公司	0.38	0.2	A股份有限
600	股份有限公司	股份有限公司	0.38	0.2	A股份有限
600	股份有限公司	股份有限公司	0.38	0.2	A股份有限
600	股份有限公司	股份有限公司	0.38	0.2	A股份有限
600	股份有限公司	股份有限公司	0.38	0.2	A股份有限
600	股份有限公司	股份有限公司	0.38	0.2	A股份有限
600	股份有限公司	股份有限公司	0.38	0.2	A股份有限
600	股份有限公司	股份有限公司	0.38	0.2	A股份有限
600	股份有限公司	股份有限公司	0.38	0.2	A股份有限
600	股份有限公司	股份有限公司	0.38	0.2	A股份有限
600	股份有限公司	股份有限公司	0.38	0.2	A股份有限
600	股份有限公司	股份有限公司	0.38	0.2	A股份有限
600	股份有限公司	股份有限公司	0.38	0.2	A股份有限
600	股份有限公司	股份有限公司	0.38	0.2	A股份有限
600	股份有限公司	股份有限公司	0.38	0.2	A股份有限
600	股份有限公司	股份有限公司	0.38	0.2	A股份有限
600	股份有限公司	股份有限公司	0.38	0.2	A股份有限
600	股份有限公司	股份有限公司	0.38	0.2	A股份有限
600	股份有限公司	股份有限公司	0.38	0.2	A股份有限
600	股份有限公司	股份有限公司	0.38	0.2	A股份有限
600	股份有限公司	股份有限公司	0.38	0.2	A股份有限
600	股份有限公司	股份有限公司	0.38	0.2	A股份有限
600	股份有限公司	股份有限公司	0.38	0.2	A股份有限
600	股份有限公司	股份有限公司	0.38	0.2	A股份有限
600	股份有限公司	股份有限公司	0.38	0.2	A股份有限
600	股份有限公司	股份有限公司	0.38	0.2	A股份有限
600	股份有限公司	股份有限公司	0.38	0.2	A股份有限
600	股份有限公司	股份有限公司	0.38	0.2	A股份有限
600	股份有限公司	股份有限公司	0.38	0.2	A股份有限
600	股份有限公司	股份有限公司	0.38	0.2	A股份有限
600	股份有限公司	股份有限公司	0.38	0.2	A股份有限
600	股份有限公司	股份有限公司	0.38	0.2	A股份有限
600	股份有限公司	股份有限公司	0.38	0.2	A股份有限
600	股份有限公司	股份有限公司	0.38	0.2	A股份有限
600	股份有限公司	股份有限公司	0.38	0.2	A股份有限
600	股份有限公司	股份有限公司	0.38	0.2	A股份有限
600	股份有限公司	股份有限公司	0.38	0.2	A股份有限
600	股份有限公司	股份有限公司	0.38	0.2	A股份有限
600	股份有限公司	股份有限公司	0.38	0.2	A股份有限
600	股份有限公司	股份有限公司	0.38	0.2	A股份有限
600	股份有限公司	股份有限公司	0.38	0.2	A股份有限
600	股份有限公司	股份有限公司	0.38	0.2	A股份有限
600	股份有限公司	股份有限公司	0.38	0.2	A股份有限
600	股份有限公司	股份有限公司	0.38	0.2	A股份有限
600	股份有限公司	股份有限公司	0.38	0.2	A股份有限
600	股份有限公司	股份有限公司	0.38	0.2	A股份有限
600	股份有限公司	股份有限公司	0.38	0.2	A股份有限
600	股份有限公司	股份有限公司	0.38	0.2	A股份有限
600	股份有限公司	股份有限公司	0.38	0.2	A股份有限
600	股份有限公司	股份有限公司	0.38	0.2	A股份有限
600	股份有限公司	股份有限公司	0.38	0.2	A股份有限
600	股份有限公司	股份有限公司	0.38	0.2	A股份有限
600	股份有限公司	股份有限公司	0.38	0.2	A股份有限
600	股份有限公司	股份有限公司	0.38	0.2	A股份有限
600	股份有限公司	股份有限公司	0.38	0.2	A股份有限
600	股份有限公司	股份有限公司	0.38	0.2	A股份有限
600	股份有限公司	股份有限公司	0.38	0.2	A股份有限
600	股份有限公司	股份有限公司	0.38	0.2	A股份有限
600	股份有限公司	股份有限公司	0.38	0.2	A股份有限
600	股份有限公司	股份有限公司	0.38	0.2	A股份有限
600	股份有限公司	股份有限公司	0.38	0.2	A股份有限
600	股份有限公司	股份有限公司	0.38	0.2	A股份有限
600	股份有限公司	股份有限公司	0.38	0.2	A股份有限
600	股份有限公司	股份有限公司	0.38	0.2	A股份有限
600	股份有限公司	股份有限公司	0.38	0.2	A股份有限
600	股份有限公司	股份有限公司	0.38	0.2	A股份有限
600	股份有限公司	股份有限公司	0.38	0.2	A股份有限
600	股份有限公司	股份有限公司	0.38	0.2	A股份有限
600	股份有限公司	股份有限公司	0.38	0.2	A股份有限
600	股份有限公司	股份有限公司	0.38	0.2	A股份有限
600	股份有限公司	股份有限公司	0.38	0.2	A股份有限
600	股份有限公司	股份有限公司	0.38	0.2	A股份有限
600	股份有限公司	股份有限公司	0.38	0.2	A股份有限
600	股份有限公司	股份有限公司	0.38	0.2	A股份有限
600	股份有限公司	股份有限公司	0.38	0.2	A股份有限
600	股份有限公司	股份有限公司	0.38	0.2	A股份有限
600	股份有限公司	股份有限公司	0.38	0.2	A股份有限
600	股份有限公司	股份有限公司	0.38	0.2	A股份有限
600	股份有限公司	股份有限公司	0.38	0.2	A股份有限
600	股份有限公司	股份有限公司	0.38	0.2	A股份有限
600	股份有限公司	股份有限公司	0.38	0.2	A股份有限
600	股份有限公司	股份有限公司	0.38	0.2	A股份有限
600	股份有限公司	股份有限公司	0.38	0.2	A股份有限
600	股份有限公司	股份有限公司	0.38	0.2	A股份有限
600	股份有限公司	股份有限公司	0.38	0.2	A股份有限
600	股份有限公司	股份有限公司	0.38	0.2	A股份有限
600	股份有限公司	股份有限公司	0.38	0.2	A股份有限
600	股份有限公司	股份有限公司	0.38	0.2	A股份有限
600	股份有限公司	股份有限公司	0.38	0.2	A股份有限
600	股份有限公司	股份有限公司	0.38	0.2	A股份有限
600	股份有限公司	股份有限公司	0.38	0.2	A股份有限
600	股份有限公司	股份有限公司	0.38	0.2	A股份有限
600	股份有限公司	股份有限公司	0.38	0.2	A股份有限
600	股份有限公司	股份有限公司	0.38	0.2	A股份有限
600	股份有限公司	股份有限公司	0.38	0.2	A股份有限
600	股份有限公司	股份有限公司	0.38	0.2	A股份有限
600	股份有限公司	股份有限公司	0.38	0.2	A股份有限
600	股份有限公司	股份有限公司	0.38	0.2	A股份有限
600	股份有限公司	股份有限公司	0.38	0.2	A股份有限
600	股份有限公司	股份有限公司	0.38	0.2	A股份有限
600	股份有限公司	股份有限公司	0.38	0.2	A股份有限
600	股份有限公司	股份有限公司	0.38	0.2	A股份有限
600	股份有限公司	股份有限公司	0.38	0.2	A股份有限
600	股份有限公司	股份有限公司	0.38	0.2	A股份有限
600	股份有限公司	股份有限公司	0.38	0.2	A股份有限
600	股份有限公司	股份有限公司	0.38	0.2	A股份有限
600	股份有限公司	股份有限公司	0.38	0.2	A股份有限
600	股份有限公司	股份有限公司	0.38	0.2	A股份有限
600	股份有限公司	股份有限公司	0.38	0.2	A股份有限
600	股份有限公司	股份有限公司	0.38	0.2	A股份有限
600	股份有限公司	股份有限公司	0.38	0.2	A股份有限
600	股份有限公司	股份有限公司	0.38	0.2	A股份有限
600	股份有限公司	股份有限公司	0.38	0.2	A股份有限
600	股份有限公司	股份有限公司	0.38	0.2	A股份有限
600	股份有限公司	股份有限公司	0.38	0.2	A股份有限
600	股份有限公司	股份有限公司	0.38	0.2	A股份有限
600	股份有限公司	股份有限公司	0.38	0.2	A股份有限
600	股份有限公司	股份有限公司	0.38	0.2	A股份有限
600	股份有限公司	股份有限公司	0.38	0.2	A股份有限
600	股份有限公司	股份有限公司	0.38	0.2	A股份有限
600	股份有限公司	股份有限公司	0.38	0.2	A股份有限
600	股份有限公司	股份有限公司	0.38	0.2	A股份有限
600	股份有限公司	股份有限公司	0.38	0.2	A股份有限
600	股份有限公司	股份有限公司	0.38	0.2	A股份有限
600	股份有限公司	股份有限公司	0.38	0.2	A股份有限
600	股份有限公司	股份有限公司	0.38	0.2	A股份有限
600	股份有限公司	股份有限公司	0.38	0.2	A股份有限
600	股份有限公司	股份有限公司	0.38	0.2	A股份有限
600	股份有限公司	股份有限公司	0.38	0.2	A股份有限
600	股份有限公司	股份有限公司	0.38	0.2	A股份有限
600	股份有限公司	股份有限公司	0.38	0.2	A股份有限
600	股份有限公司	股份有限公司	0.38	0.2	A股份有限
600	股份有限公司	股份有限公司	0.38	0.2	A股份有限
600	股份有限公司	股份有限公司	0.38	0.2	A股份有限
600	股份有限公司	股份有限公司	0.38	0.2	A股份有限
600	股份有限公司	股份有限公司	0.38	0.2	A股份有限
600	股份有限公司	股份有限公司	0.38	0.2	A股份有限
600	股份有限公司	股份有限公司	0.38	0.2	A股份有限
600	股份有限公司	股份有限公司	0.38	0.2	A股份有限
600	股份有限公司	股份有限公司	0.38	0.2	A股份有限
600	股份有限公司	股份有限公司	0.38	0.2	A股份有限
600	股份有限公司	股份有限公司	0.38	0.2	A股份有限
600	股份有限公司	股份有限公司	0.38	0.2	A股份有限
600	股份有限公司	股份有限公司	0.38	0.2	A股份有限
600	股份有限公司	股份有限公司	0.38	0.2	A股份有限
600	股份有限公司	股份有限公司	0.38	0.2	A股份有限
600	股份有限公司	股份有限公司	0.38	0.2	A股份有限
600	股份有限公司	股份有限公司	0.38	0.2	A股份有限
600	股份有限公司	股份有限公司	0.38	0.2	A股份有限
600	股份有限公司	股份有限公司	0.38	0.2	A股份有限
600	股份有限公司	股份有限公司	0.38	0.2	A股份有限
600	股份有限公司	股份有限公司	0.38	0.2	A股份有限
600	股份有限公司	股份有限公司	0.38	0.2	A股份有限
600	股份有限公司	股份有限公司	0.38	0.2	A股份有限
600	股份有限公司	股份有限公司	0.38	0.2	A股份有限
600	股份有限公司	股份有限公司	0.38	0.2	A股份有限
600	股份有限公司	股份有限公司	0.38	0.2	A股份有限
600	股份有限公司	股份有限公司	0.38	0.2	A股份有限
600	股份有限公司	股份有限公司	0.38	0.2	A股份有限
600	股份有限公司	股份有限公司	0.38	0.2	A股份有限
600	股份有限公司	股份有限公司	0.38	0.2	A股份有限
600	股份有限公司	股份有限公司	0.38	0.2	A股份有限
600	股份有限公司	股份有限公司	0.38	0.2	A股份有限
600	股份有限公司	股份有限公司	0.38	0.2	A股份有限
600	股份有限公司	股份有限公司	0.38	0.2	A股份有限
600	股份有限公司	股份有限公司	0.38	0.2	A股份有限
600	股份有限公司	股份有限公司	0.38	0.2	A股份有限
600	股份有限公司	股份有限公司	0.38	0.2	A股份有限
600	股份有限公司	股份有限公司	0.38	0.2	A股份有限
600	股份有限公司	股份有限公司	0.38	0.2	A股份有限
600	股份有限公司	股份有限公司	0.38	0.2	A股份有限
600	股份有限公司	股份有限公司	0.38	0.2	A股份有限
600	股份有限公司	股份有限公司	0.38	0.2	A股份有限
600	股份有限公司	股份有限公司	0.38	0.2	A股份有限
600	股份有限公司	股份有限公司	0.38	0.2	A股份有限
600	股份有限公司	股份有限公司	0.38	0.2	A股份有限
600	股份有限公司	股份有限公司	0.38	0.2	A股份有限
600	股份有限公司	股份有限公司	0.38	0.2	A股份有限
600	股份有限公司	股份有限公司	0.38	0.2	A股份有限
600	股份有限公司	股份有限公司	0.38	0.2	A股份有限
600	股份有限公司	股份有限公司	0.38	0.2	A股份有限
600	股份有限公司	股份有限公司	0.38	0.2	A股份有限
600	股份有限公司	股份有限公司	0.38	0.2	A股份有限
600	股份有限公司	股份有限公司	0.38	0.2	A股份有限
600	股份有限公司	股份有限公司	0.38	0.2	A股份有限
600	股份有限公司	股份有限公司	0.38	0.2	A股份有限
600	股份有限公司	股份有限公司	0.38	0.2	A股份有限
600	股份有限公司	股份有限公司	0.38	0.2	A股份有限
600	股份有限公司	股份有限公司	0.38	0.2	A股份有限
600	股份有限公司	股份有限公司	0.38	0.2	A股份有限
600	股份有限公司	股份有限公司	0.38	0.2	A股份有限
600	股份有限公司	股份有限公司	0.38	0.2	A股份有限
600	股份有限公司	股份有限公司	0.38	0.2	A股份有限
600	股份有限公司	股份有限公司	0.38	0.2	A股份有限
600	股份有限公司	股份有限公司	0.38	0.2	A股份有限
600	股份有限公司	股份有限公司	0.38	0.2	A股份有限
600	股份有限公司	股份有限公司	0.38	0.2	A股份有限
600	股份有限公司	股份有限公司	0.38	0.2	A股份有限
600	股份有限公司	股份有限公司	0.38	0.2	A股份有限
600	股份有限公司	股份有限公司	0.38	0.2	A股份有限
600	股份有限公司	股份有限公司	0.38	0.2	A股份有限
600	股份有限公司	股份有限公司	0.38	0.2	A股份有限
600	股份有限公司	股份有限公司	0.38	0.2	A股份有限
600	股份有限公司	股份有限公司	0.38	0.2	A股份有限
600	股份有限公司	股份有限公司	0.38	0.2	A股份有限
600	股份有限公司	股份有限公司	0.38	0.2	A股份有限
600	股份有限公司	股份有限公司	0.38	0.2	A股份有限
600	股份有限公司	股份有限公司	0.38	0.2	A股份有限
600	股份有限公司	股份有限公司	0.38	0.2	A股份有限
600	股份有限公司	股份有限公司	0.38	0.2	A股份有限
600	股份有限公司	股份有限公司	0.38	0.2	A股份有限
600	股份有限公司	股份有限公司	0.38	0.2	A股份有限
600	股份有限公司	股份有限公司	0.38	0.2	A股份有限
600	股份有限公司	股份有限公司	0.38	0.2	A股份有限
600	股份有限公司	股份有限公司	0.38	0.2	A股份有限
600	股份有限公司	股份有限公司	0.38	0.2	A股份有限
600	股份有限公司	股份有限公司	0.38	0.2	A股份有限
600	股份有限公司	股份有限公司	0.38	0.2	A股份有限
600	股份有限公司	股份有限公司	0.38	0.2	A股份有限
600	股份有限公司	股份有限公司	0.38	0.2	A股份有限
600	股份有限公司	股份有限公司	0.38	0.2	A股份有限
600	股份有限公司	股份有限公司	0.38	0.2	A股份有限
600	股份有限公司	股份有限公司	0.38	0.2	A股份有限
600	股份有限公司	股份有限公司	0.38	0.2	A股份有限
600	股份有限公司	股份有限公司	0.38	0.2	A股份有限
600	股份有限公司	股份有限公司	0.38	0.2	A股份有限
600	股份有限公司	股份有限公司	0.38	0.2	A股份有限
600	股份有限公司	股份有限公司	0.38	0.2	A股份有限
600	股份有限公司	股份有限公司	0.38	0.2	A股份有限
600	股份有限公司	股份有限公司	0.38	0.2	A股份有限
600	股份有限公司	股份有限公司	0.38	0.2	A股份有限
600	股份有限公司	股份有限公司	0.38	0.2	A股份有限
600	股份有限公司	股份有限公司	0.38	0.2	A股份有限
600	股份有限公司	股份有限公司	0.38	0.2	A股份有限
600	股份有限公司	股份有限公司	0.38	0.2	A股份有限
600	股份有限公司	股份有限公司	0.38	0.2	A股份有限
600	股份有限公司	股份有限公司	0.38	0.2	A股份有限
600	股份有限公司	股份有限公司	0.38	0.2	A股份有限
600	股份有限公司	股份有限公司	0.38	0.2	A股份有限
600	股份有限公司	股份有限公司	0.38	0.2	A股份有限
600	股份有限公司	股份有限公司	0.38	0.2	A股份有限
600	股份有限公司	股份有限公司	0.38	0.2	A股份有限
600	股份有限公司	股份有限公司	0.38	0.2	A股份有限
600	股份有限公司	股份有限公司	0.38	0.2	A股份有限
600	股份有限公司	股份有限公司	0.38	0.2	A股份有限
600	股份有限公司	股份有限公司	0.38	0.2	A股份有限
600	股份有限公司	股份有限公司	0.38	0.2	A股份有限
600	股份有限公司	股份有限公司	0.38	0.2	A股份有限
600	股份有限公司	股份有限公司	0.38	0.2	A股份有限
600	股份有限公司	股份有限公司	0.38	0.2	A股份有限
600	股份有限公司	股份有限公司	0.38	0.2	A股份有限
600	股份有限公司	股份有限公司	0.38	0.2	A股份有限
600	股份有限公司	股份有限公司	0.38	0.2	A股份有限
600	股份有限公司	股份有限公司	0.38	0.2	A股份有限
600	股份有限公司	股份有限公司	0.38	0.2	A股份有限
600	股份有限公司	股份有限公司	0.38	0.2	A股份有限
600	股份有限公司	股份有限公司	0.38	0.2	A股份有限
600	股份有限公司	股份有限公司	0.38	0.2	A股份有限
600	股份有限公司	股份有限公司	0.38	0.2	A股份有限
600	股份有限公司	股份有限公司	0.38	0.2	A股份有限
600	股份有限公司	股份有限公司	0.38	0.2	A股份有限
600	股份有限公司	股份有限公司	0.38	0.2	A股份有限
600	股份有限公司	股份有限公司	0.38	0.2	A股份有限
600	股份有限公司	股份有限公司	0.38	0.2	A股份有限
600	股份有限公司	股份有限公司	0.38	0.2	A股份有限
600	股份有限公司	股份有限公司	0.38	0.2	A股份有限
600	股份有限公司	股份有限公司	0.38	0.2	A股份有限
600	股份有限公司	股份有限公司	0.38	0.2	A股份有限
600	股份有限公司	股份有限公司	0.38	0.2	A股份有限
600	股份有限公司	股份有限公司	0.38	0.2	A股份有限
600	股份有限公司	股份有限公司	0.38	0.2	A股份有限
600	股份有限公司	股份有限公司	0.38	0.2	A股份有限
600	股份有限公司	股份有限公司	0.38	0.2	A股份有限
600	股份有限公司	股份有限公司	0.38	0.2	A股份有限
600	股份有限公司	股份有限公司	0.38	0.2	A股份有限
600	股份有限公司	股份有限公司	0.38	0.2	A股份有限
600	股份有限公司	股份有限公司	0.38	0.2	A股份有限
600	股份有限公司	股份有限公司	0.38	0.2	A股份有限
600	股份有限公司	股份有限公司	0.38	0.2	A股份有限
600	股份有限公司	股份有限公司	0.38	0.2	A股份有限
600	股份有限公司	股份有限公司	0.38	0.2	A股份有限
600	股份有限公司	股份有限公司	0.38	0.2	A股份有限
600	股份有限公司	股份有限公司	0.38	0.2	A股份有限
600	股份有限公司	股份有限公司	0.38	0.2	A股份有限
600	股份有限公司	股份有限公司	0.38	0.2	A股份有限
600	股份有限公司	股份有限公司	0.38	0.2	A股份有限
600	股份有限公司	股份有限公司	0.38	0.2	A股份有限
600	股份有限公司	股份有限公司	0.38	0.2	A股份有限
600	股份有限公司	股份有限公司	0.38	0.2	A股份有限
600	股份有限公司	股份有限公司	0.38	0.2	A股份有限
600	股份有限公司	股份有限公司	0.38	0.2	A股份有限
600	股份有限公司	股份有限公司	0.38	0.2	A股份有限
600	股份有限公司	股份有限公司	0.38	0.2	A股份有限
600	股份有限公司	股份有限公司	0.38	0.2	A股份有限
600	股份有限公司	股份有限公司	0.38	0.2	A股份有限
600	股份有限公司	股份有限公司	0.38	0.2	A股份有限
600	股份有限公司	股份有限公司	0.38	0.2	A股份有限
600	股份有限公司	股份有限公司	0.38	0.2	A股份有限
600	股份有限公司	股份有限公司	0.38	0.2	A股份有限
(下转A31版)
